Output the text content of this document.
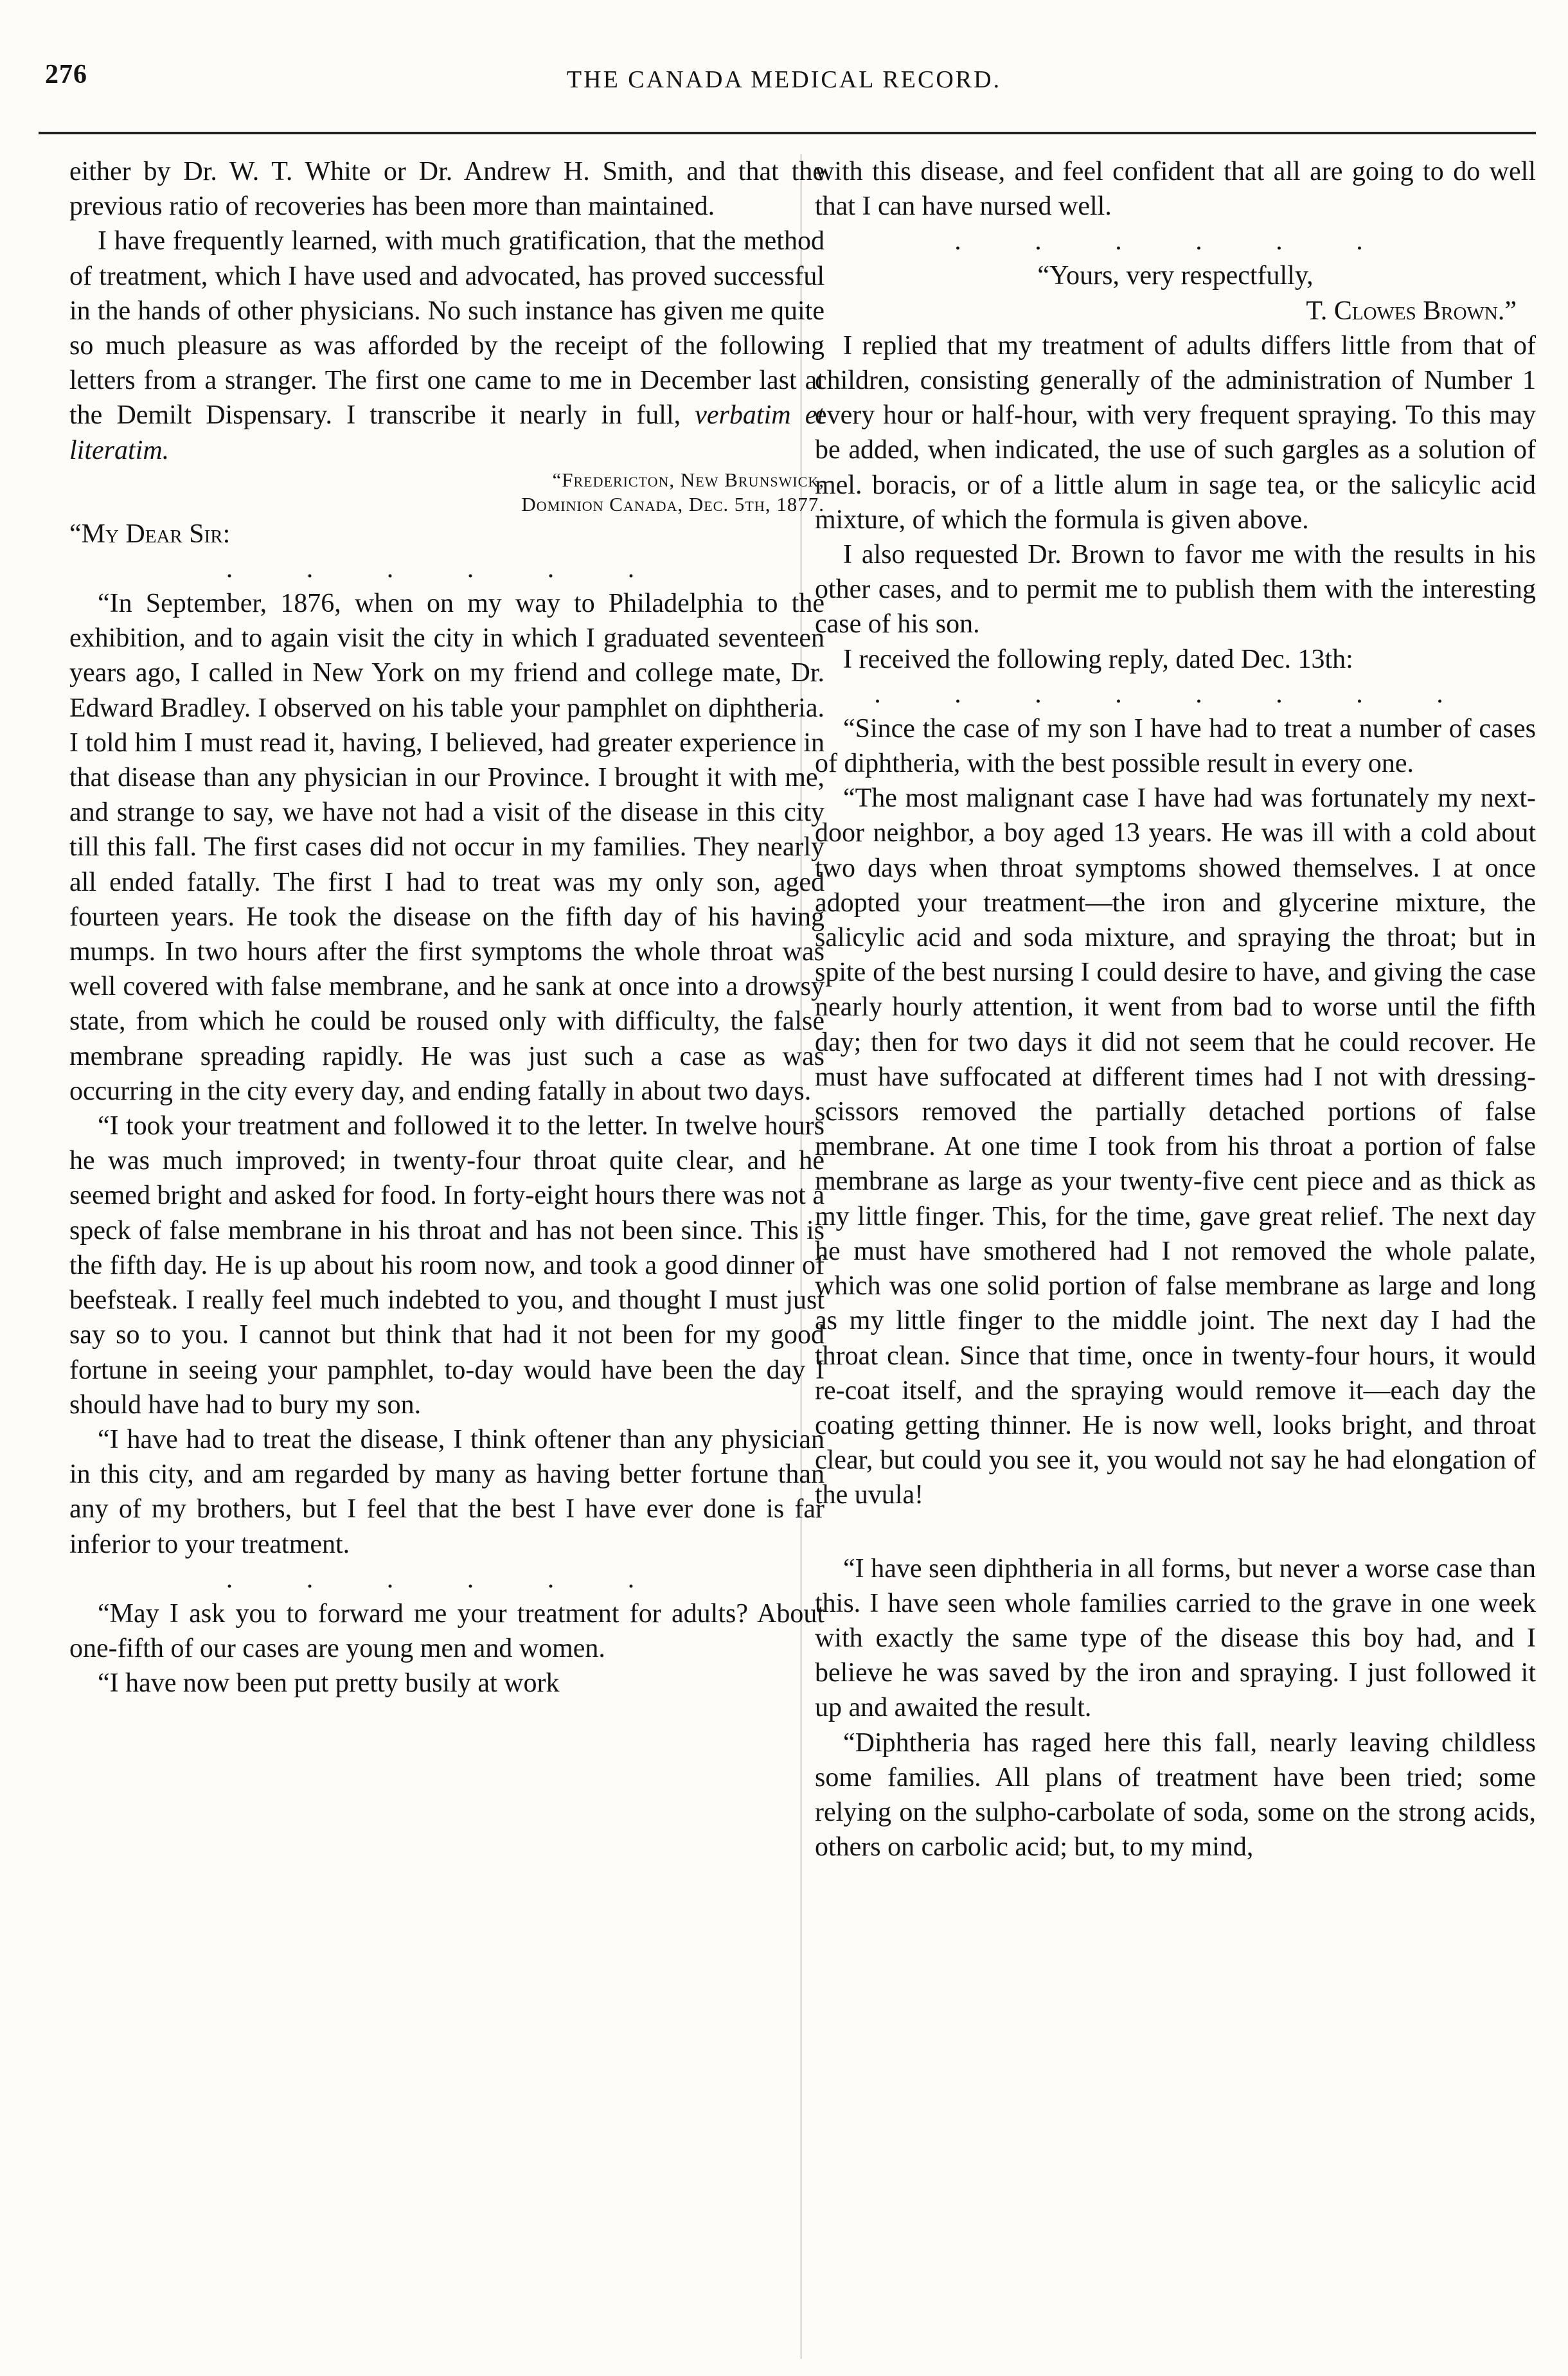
276	THE CANADA MEDICAL RECORD.

either by Dr. W. T. White or Dr. Andrew H. Smith, and that the previous ratio of recoveries has been more than maintained.

I have frequently learned, with much gratification, that the method of treatment, which I have used and advocated, has proved successful in the hands of other physicians. No such instance has given me quite so much pleasure as was afforded by the receipt of the following letters from a stranger. The first one came to me in December last at the Demilt Dispensary. I transcribe it nearly in full, verbatim et literatim.

“Fredericton, New Brunswick,

Dominion Canada, Dec. 5th, 1877.

“My Dear Sir:

. . . . . .

“In September, 1876, when on my way to Philadelphia to the exhibition, and to again visit the city in which I graduated seventeen years ago, I called in New York on my friend and college mate, Dr. Edward Bradley. I observed on his table your pamphlet on diphtheria. I told him I must read it, having, I believed, had greater experience in that disease than any physician in our Province. I brought it with me, and strange to say, we have not had a visit of the disease in this city till this fall. The first cases did not occur in my families. They nearly all ended fatally. The first I had to treat was my only son, aged fourteen years. He took the disease on the fifth day of his having mumps. In two hours after the first symptoms the whole throat was well covered with false membrane, and he sank at once into a drowsy state, from which he could be roused only with difficulty, the false membrane spreading rapidly. He was just such a case as was occurring in the city every day, and ending fatally in about two days.

“I took your treatment and followed it to the letter. In twelve hours he was much improved; in twenty-four throat quite clear, and he seemed bright and asked for food. In forty-eight hours there was not a speck of false membrane in his throat and has not been since. This is the fifth day. He is up about his room now, and took a good dinner of beefsteak. I really feel much indebted to you, and thought I must just say so to you. I cannot but think that had it not been for my good fortune in seeing your pamphlet, to-day would have been the day I should have had to bury my son.

“I have had to treat the disease, I think oftener than any physician in this city, and am regarded by many as having better fortune than any of my brothers, but I feel that the best I have ever done is far inferior to your treatment.

. . . . . .

“May I ask you to forward me your treatment for adults? About one-fifth of our cases are young men and women.

“I have now been put pretty busily at work

with this disease, and feel confident that all are going to do well that I can have nursed well.

. . . . . .

“Yours, very respectfully,

T. Clowes Brown.”

I replied that my treatment of adults differs little from that of children, consisting generally of the administration of Number 1 every hour or half-hour, with very frequent spraying. To this may be added, when indicated, the use of such gargles as a solution of mel. boracis, or of a little alum in sage tea, or the salicylic acid mixture, of which the formula is given above.

I also requested Dr. Brown to favor me with the results in his other cases, and to permit me to publish them with the interesting case of his son.

I received the following reply, dated Dec. 13th:

. . . . . . . .

“Since the case of my son I have had to treat a number of cases of diphtheria, with the best possible result in every one.

“The most malignant case I have had was fortunately my next-door neighbor, a boy aged 13 years. He was ill with a cold about two days when throat symptoms showed themselves. I at once adopted your treatment—the iron and glycerine mixture, the salicylic acid and soda mixture, and spraying the throat; but in spite of the best nursing I could desire to have, and giving the case nearly hourly attention, it went from bad to worse until the fifth day; then for two days it did not seem that he could recover. He must have suffocated at different times had I not with dressing-scissors removed the partially detached portions of false membrane. At one time I took from his throat a portion of false membrane as large as your twenty-five cent piece and as thick as my little finger. This, for the time, gave great relief. The next day he must have smothered had I not removed the whole palate, which was one solid portion of false membrane as large and long as my little finger to the middle joint. The next day I had the throat clean. Since that time, once in twenty-four hours, it would re-coat itself, and the spraying would remove it—each day the coating getting thinner. He is now well, looks bright, and throat clear, but could you see it, you would not say he had elongation of the uvula!

“I have seen diphtheria in all forms, but never a worse case than this. I have seen whole families carried to the grave in one week with exactly the same type of the disease this boy had, and I believe he was saved by the iron and spraying. I just followed it up and awaited the result.

“Diphtheria has raged here this fall, nearly leaving childless some families. All plans of treatment have been tried; some relying on the sulpho-carbolate of soda, some on the strong acids, others on carbolic acid; but, to my mind,
